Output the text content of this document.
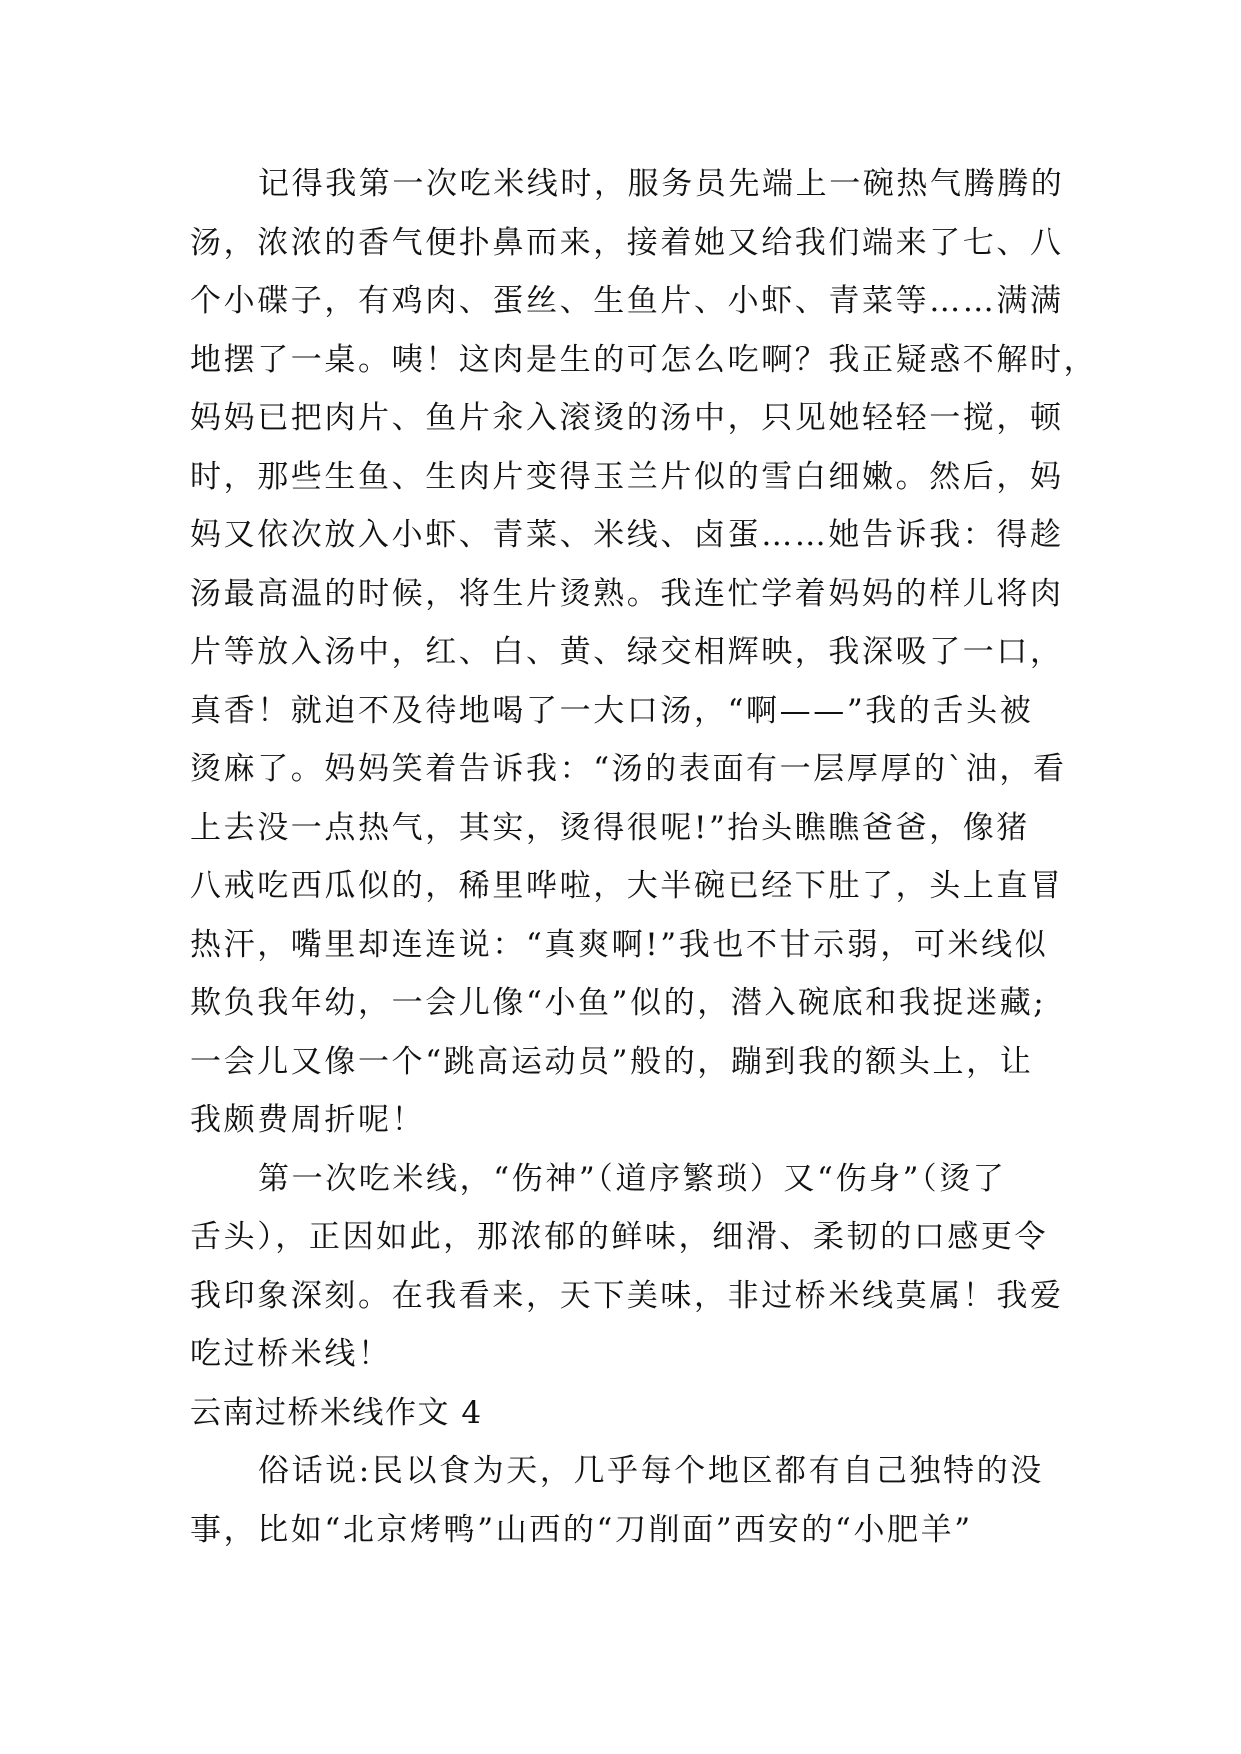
记得我第一次吃米线时，服务员先端上一碗热气腾腾的
汤，浓浓的香气便扑鼻而来，接着她又给我们端来了七、八
个小碟子，有鸡肉、蛋丝、生鱼片、小虾、青菜等……满满
地摆了一桌。咦！这肉是生的可怎么吃啊？我正疑惑不解时，
妈妈已把肉片、鱼片汆入滚烫的汤中，只见她轻轻一搅，顿
时，那些生鱼、生肉片变得玉兰片似的雪白细嫩。然后，妈
妈又依次放入小虾、青菜、米线、卤蛋……她告诉我：得趁
汤最高温的时候，将生片烫熟。我连忙学着妈妈的样儿将肉
片等放入汤中，红、白、黄、绿交相辉映，我深吸了一口，
真香！就迫不及待地喝了一大口汤，“啊——”我的舌头被
烫麻了。妈妈笑着告诉我：“汤的表面有一层厚厚的`油，看
上去没一点热气，其实，烫得很呢!”抬头瞧瞧爸爸，像猪
八戒吃西瓜似的，稀里哗啦，大半碗已经下肚了，头上直冒
热汗，嘴里却连连说：“真爽啊!”我也不甘示弱，可米线似
欺负我年幼，一会儿像“小鱼”似的，潜入碗底和我捉迷藏;
一会儿又像一个“跳高运动员”般的，蹦到我的额头上，让
我颇费周折呢！
第一次吃米线，“伤神”（道序繁琐）又“伤身”（烫了
舌头），正因如此，那浓郁的鲜味，细滑、柔韧的口感更令
我印象深刻。在我看来，天下美味，非过桥米线莫属！我爱
吃过桥米线！
云南过桥米线作文 4
俗话说:民以食为天，几乎每个地区都有自己独特的没
事，比如“北京烤鸭”山西的“刀削面”西安的“小肥羊”
